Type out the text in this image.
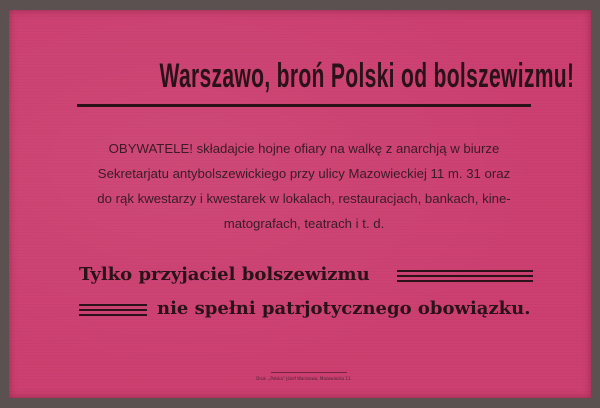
Warszawo, broń Polski od bolszewizmu!
OBYWATELE! składajcie hojne ofiary na walkę z anarchją w biurze
Sekretarjatu antybolszewickiego przy ulicy Mazowieckiej 11 m. 31 oraz
do rąk kwestarzy i kwestarek w lokalach, restauracjach, bankach, kine-
matografach, teatrach i t. d.
Tylko przyjaciel bolszewizmu
nie spełni patrjotycznego obowiązku.
Druk. „Polska” Józef Warszawa, Mazowiecka 11.
